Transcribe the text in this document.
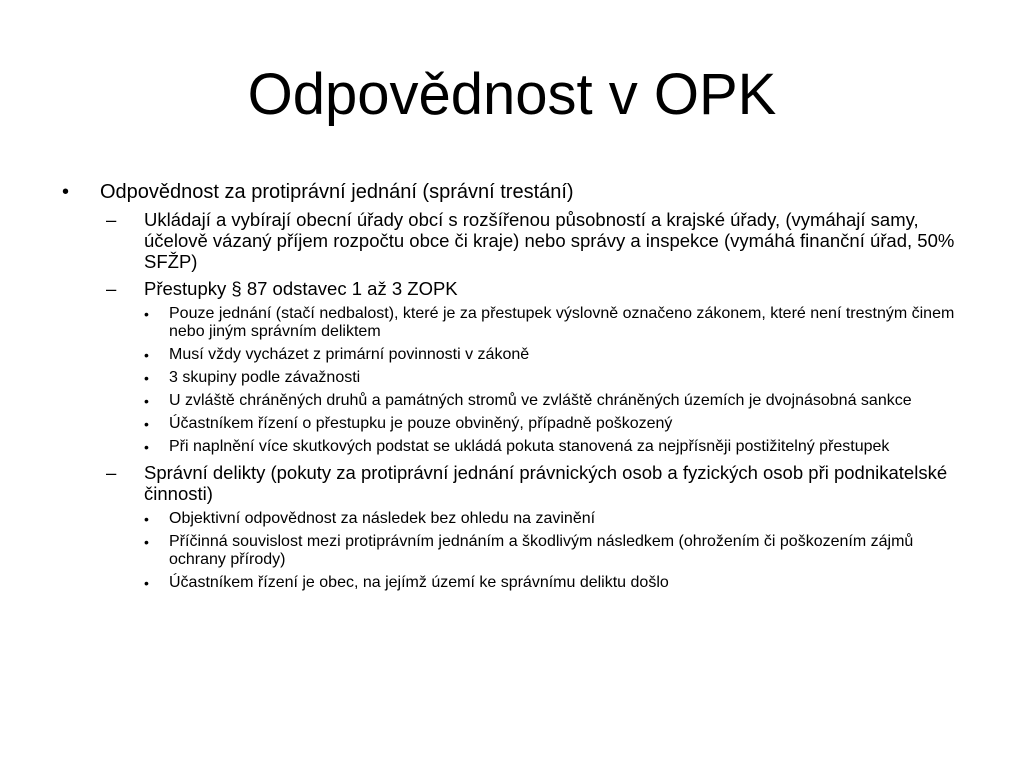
Odpovědnost v OPK
• Odpovědnost za protiprávní jednání (správní trestání)
– Ukládají a vybírají obecní úřady obcí s rozšířenou působností a krajské úřady, (vymáhají samy, účelově vázaný příjem rozpočtu obce či kraje) nebo správy a inspekce (vymáhá finanční úřad, 50% SFŽP)
– Přestupky § 87 odstavec 1 až 3 ZOPK
• Pouze jednání (stačí nedbalost), které je za přestupek výslovně označeno zákonem, které není trestným činem nebo jiným správním deliktem
• Musí vždy vycházet z primární povinnosti v zákoně
• 3 skupiny podle závažnosti
• U zvláště chráněných druhů a památných stromů ve zvláště chráněných územích je dvojnásobná sankce
• Účastníkem řízení o přestupku je pouze obviněný, případně poškozený
• Při naplnění více skutkových podstat se ukládá pokuta stanovená za nejpřísněji postižitelný přestupek
– Správní delikty (pokuty za protiprávní jednání právnických osob a fyzických osob při podnikatelské činnosti)
• Objektivní odpovědnost za následek bez ohledu na zavinění
• Příčinná souvislost mezi protiprávním jednáním a škodlivým následkem (ohrožením či poškozením zájmů ochrany přírody)
• Účastníkem řízení je obec, na jejímž území ke správnímu deliktu došlo
